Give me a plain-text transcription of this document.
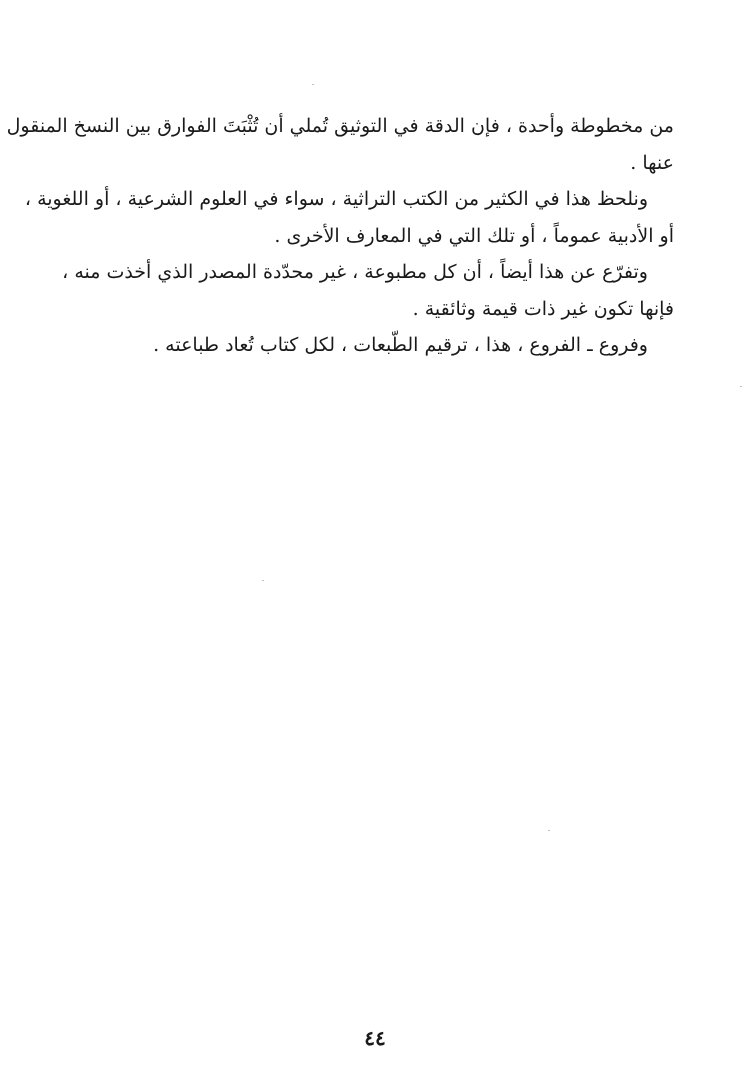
من مخطوطة وأحدة ، فإن الدقة في التوثيق تُملي أن تُثْبَتَ الفوارق بين النسخ المنقول
عنها .
ونلحظ هذا في الكثير من الكتب التراثية ، سواء في العلوم الشرعية ، أو اللغوية ،
أو الأدبية عموماً ، أو تلك التي في المعارف الأخرى .
وتفرّع عن هذا أيضاً ، أن كل مطبوعة ، غير محدّدة المصدر الذي أخذت منه ،
فإنها تكون غير ذات قيمة وثائقية .
وفروع ـ الفروع ، هذا ، ترقيم الطّبعات ، لكل كتاب تُعاد طباعته .
٤٤
